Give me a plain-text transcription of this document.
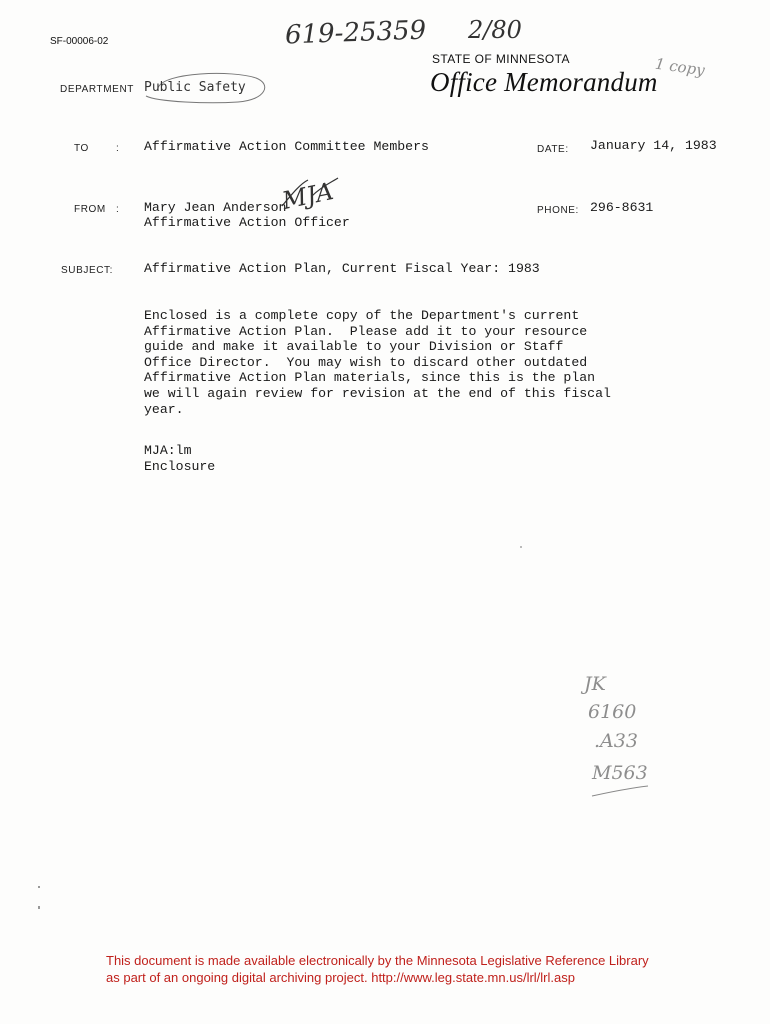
SF-00006-02	619-25359 2/80
STATE OF MINNESOTA
Office Memorandum
1 copy
DEPARTMENT Public Safety
TO	: Affirmative Action Committee Members	DATE: January 14, 1983
FROM : Mary Jean Anderson
Affirmative Action Officer
MJA	PHONE: 296-8631
SUBJECT: Affirmative Action Plan, Current Fiscal Year: 1983
Enclosed is a complete copy of the Department's current
Affirmative Action Plan.  Please add it to your resource
guide and make it available to your Division or Staff
Office Director.  You may wish to discard other outdated
Affirmative Action Plan materials, since this is the plan
we will again review for revision at the end of this fiscal
year.
MJA:lm
Enclosure
JK
6160
.A33
M563
This document is made available electronically by the Minnesota Legislative Reference Library
as part of an ongoing digital archiving project. http://www.leg.state.mn.us/lrl/lrl.asp
